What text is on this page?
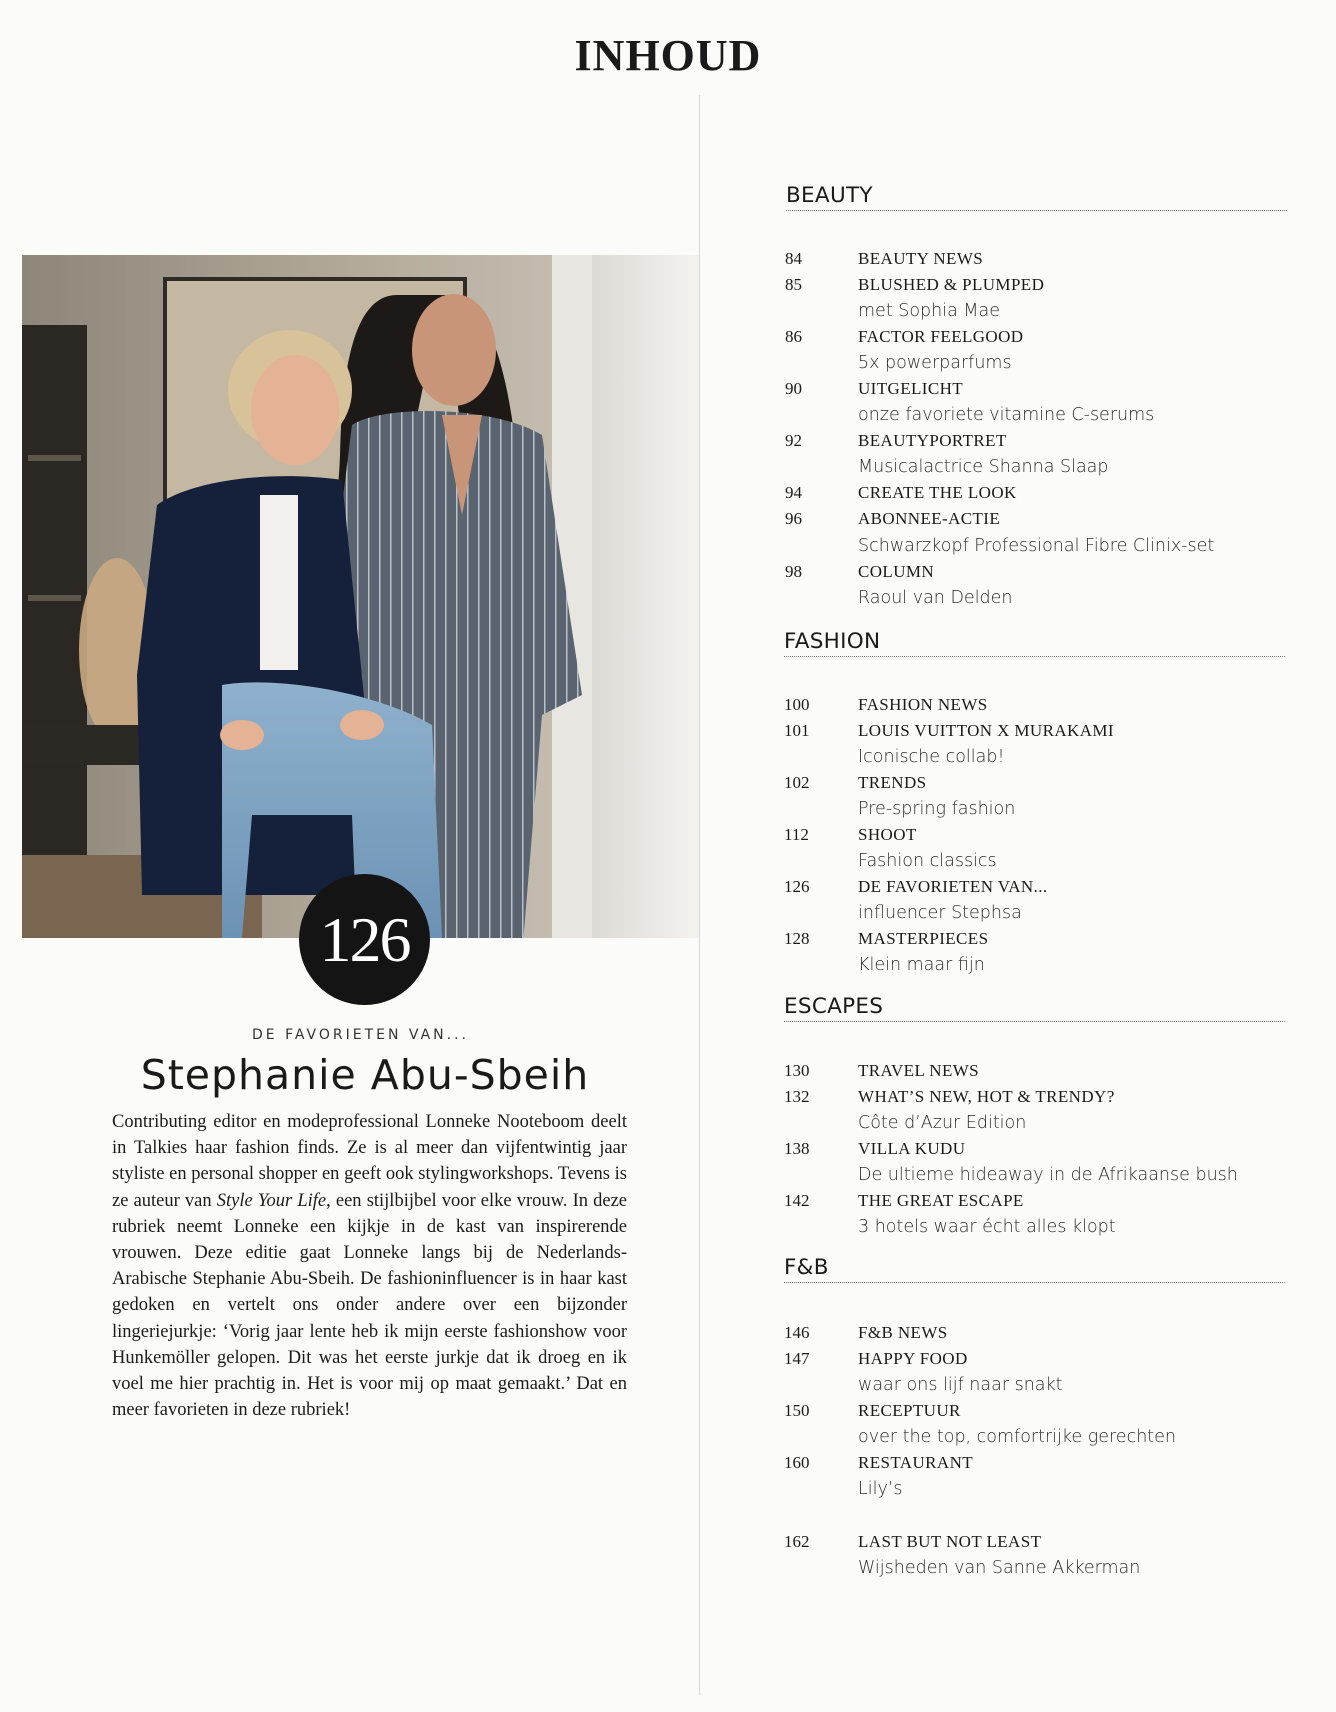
INHOUD
126
DE FAVORIETEN VAN...
Stephanie Abu-Sbeih
Contributing editor en modeprofessional Lonneke Nooteboom deelt in Talkies haar fashion finds. Ze is al meer dan vijfentwintig jaar styliste en personal shopper en geeft ook stylingworkshops. Tevens is ze auteur van Style Your Life, een stijlbijbel voor elke vrouw. In deze rubriek neemt Lonneke een kijkje in de kast van inspirerende vrouwen. Deze editie gaat Lonneke langs bij de Nederlands-Arabische Stephanie Abu-Sbeih. De fashioninfluencer is in haar kast gedoken en vertelt ons onder andere over een bijzonder lingeriejurkje: ‘Vorig jaar lente heb ik mijn eerste fashionshow voor Hunkemöller gelopen. Dit was het eerste jurkje dat ik droeg en ik voel me hier prachtig in. Het is voor mij op maat gemaakt.’ Dat en meer favorieten in deze rubriek!
BEAUTY
84	BEAUTY NEWS
85	BLUSHED & PLUMPED
met Sophia Mae
86	FACTOR FEELGOOD
5x powerparfums
90	UITGELICHT
onze favoriete vitamine C-serums
92	BEAUTYPORTRET
Musicalactrice Shanna Slaap
94	CREATE THE LOOK
96	ABONNEE-ACTIE
Schwarzkopf Professional Fibre Clinix-set
98	COLUMN
Raoul van Delden
FASHION
100	FASHION NEWS
101	LOUIS VUITTON X MURAKAMI
Iconische collab!
102	TRENDS
Pre-spring fashion
112	SHOOT
Fashion classics
126	DE FAVORIETEN VAN...
influencer Stephsa
128	MASTERPIECES
Klein maar fijn
ESCAPES
130	TRAVEL NEWS
132	WHAT’S NEW, HOT & TRENDY?
Côte d’Azur Edition
138	VILLA KUDU
De ultieme hideaway in de Afrikaanse bush
142	THE GREAT ESCAPE
3 hotels waar écht alles klopt
F&B
146	F&B NEWS
147	HAPPY FOOD
waar ons lijf naar snakt
150	RECEPTUUR
over the top, comfortrijke gerechten
160	RESTAURANT
Lily’s
162	LAST BUT NOT LEAST
Wijsheden van Sanne Akkerman
